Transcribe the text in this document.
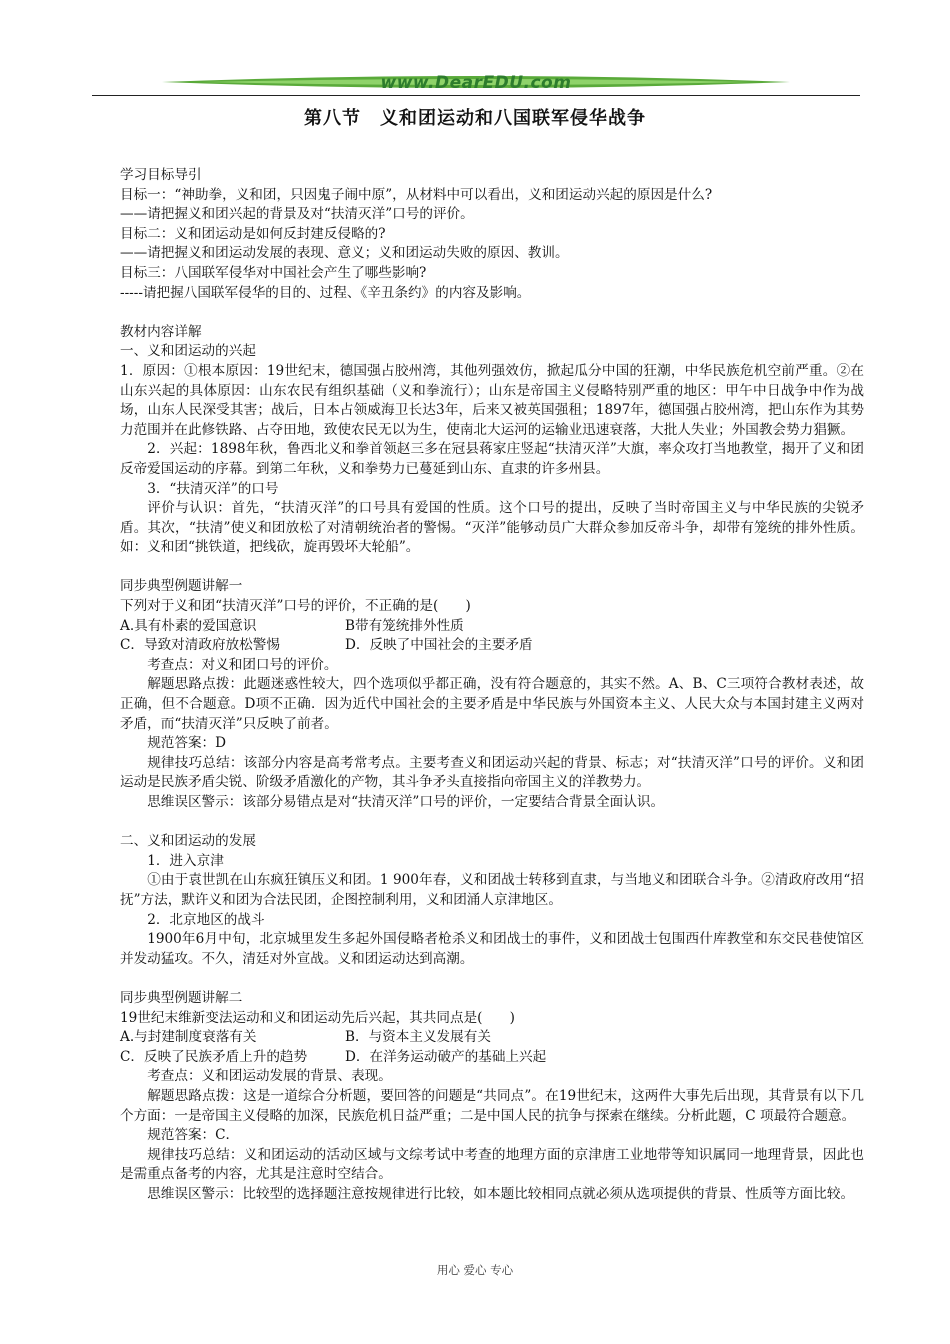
www.DearEDU.com
第八节　义和团运动和八国联军侵华战争

学习目标导引

目标一：“神助拳，义和团，只因鬼子闹中原”，从材料中可以看出，义和团运动兴起的原因是什么?

——请把握义和团兴起的背景及对“扶清灭洋”口号的评价。

目标二：义和团运动是如何反封建反侵略的?

——请把握义和团运动发展的表现、意义；义和团运动失败的原因、教训。

目标三：八国联军侵华对中国社会产生了哪些影响?

-----请把握八国联军侵华的目的、过程、《辛丑条约》的内容及影响。

教材内容详解

一、义和团运动的兴起

1．原因：①根本原因：19世纪末，德国强占胶州湾，其他列强效仿，掀起瓜分中国的狂潮，中华民族危机空前严重。②在山东兴起的具体原因：山东农民有组织基础（义和拳流行）；山东是帝国主义侵略特别严重的地区：甲午中日战争中作为战场，山东人民深受其害；战后，日本占领威海卫长达3年，后来又被英国强租；1897年，德国强占胶州湾，把山东作为其势力范围并在此修铁路、占夺田地，致使农民无以为生，使南北大运河的运输业迅速衰落，大批人失业；外国教会势力猖獗。

2．兴起：1898年秋，鲁西北义和拳首领赵三多在冠县蒋家庄竖起“扶清灭洋”大旗，率众攻打当地教堂，揭开了义和团反帝爱国运动的序幕。到第二年秋，义和拳势力已蔓延到山东、直隶的许多州县。

3．“扶清灭洋”的口号

评价与认识：首先，“扶清灭洋”的口号具有爱国的性质。这个口号的提出，反映了当时帝国主义与中华民族的尖锐矛盾。其次，“扶清”使义和团放松了对清朝统治者的警惕。“灭洋”能够动员广大群众参加反帝斗争，却带有笼统的排外性质。如：义和团“挑铁道，把线砍，旋再毁坏大轮船”。

同步典型例题讲解一

下列对于义和团“扶清灭洋”口号的评价，不正确的是(　　)

A.具有朴素的爱国意识	B带有笼统排外性质

C．导致对清政府放松警惕	D．反映了中国社会的主要矛盾

考查点：对义和团口号的评价。

解题思路点拨：此题迷惑性较大，四个选项似乎都正确，没有符合题意的，其实不然。A、B、C三项符合教材表述，故正确，但不合题意。D项不正确．因为近代中国社会的主要矛盾是中华民族与外国资本主义、人民大众与本国封建主义两对矛盾，而“扶清灭洋”只反映了前者。

规范答案：D

规律技巧总结：该部分内容是高考常考点。主要考查义和团运动兴起的背景、标志；对“扶清灭洋”口号的评价。义和团运动是民族矛盾尖锐、阶级矛盾激化的产物，其斗争矛头直接指向帝国主义的洋教势力。

思维误区警示：该部分易错点是对“扶清灭洋”口号的评价，一定要结合背景全面认识。

二、义和团运动的发展

1．进入京津

①由于袁世凯在山东疯狂镇压义和团。1 900年春，义和团战士转移到直隶，与当地义和团联合斗争。②清政府改用“招抚”方法，默许义和团为合法民团，企图控制利用，义和团涌人京津地区。

2．北京地区的战斗

1900年6月中旬，北京城里发生多起外国侵略者枪杀义和团战士的事件，义和团战士包围西什库教堂和东交民巷使馆区并发动猛攻。不久，清廷对外宣战。义和团运动达到高潮。

同步典型例题讲解二

19世纪末维新变法运动和义和团运动先后兴起，其共同点是(　　)

A.与封建制度衰落有关	B．与资本主义发展有关

C．反映了民族矛盾上升的趋势	D．在洋务运动破产的基础上兴起

考查点：义和团运动发展的背景、表现。

解题思路点拨：这是一道综合分析题，要回答的问题是“共同点”。在19世纪末，这两件大事先后出现，其背景有以下几个方面：一是帝国主义侵略的加深，民族危机日益严重；二是中国人民的抗争与探索在继续。分析此题，C 项最符合题意。

规范答案：C．

规律技巧总结：义和团运动的活动区域与文综考试中考查的地理方面的京津唐工业地带等知识属同一地理背景，因此也是需重点备考的内容，尤其是注意时空结合。

思维误区警示：比较型的选择题注意按规律进行比较，如本题比较相同点就必须从选项提供的背景、性质等方面比较。

用心 爱心 专心
